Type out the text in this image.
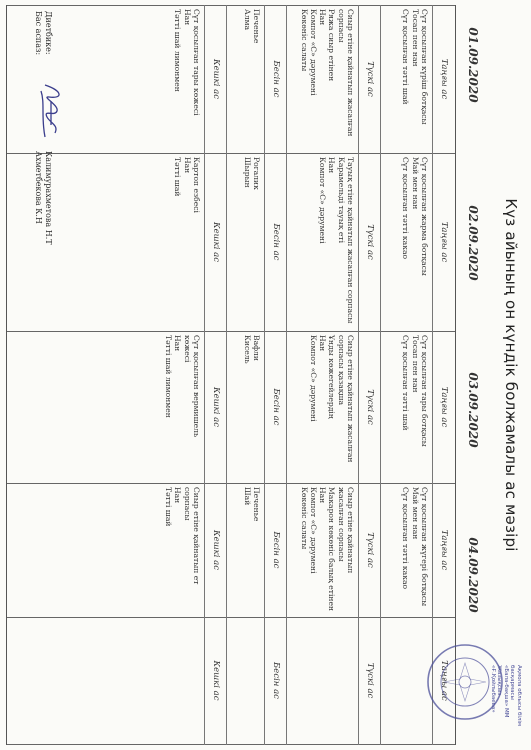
Күз айының он күндік болжамалы ас мәзірі
01.09.2020
02.09.2020
03.09.2020
04.09.2020
Таңғы ас
Сүт қосылған күріш ботқасы
Тосап пен нан
Сүт қосылған тәтті шай
Түскі ас
Сиыр етіне қайнатып жасалған
сорпасы
Ряжа сиыр етінен
Нан
Компот «С» дәрумені
Көкөніс салаты
Бесін ас
Печенье
Алма
Кешкі ас
Сүт қосылған тары көжесі
Нан
Тәтті шай лимонмен
Таңғы ас
Сүт қосылған жарма ботқасы
Май мен нан
Сүт қосылған тәтті какао
Түскі ас
Тауық етіне қайнатып жасалған сорпасы
Карамельді тауық еті
Нан
Компот «С» дәрумені
Бесін ас
Рогалик
Шырын
Кешкі ас
Картоп езбесі
Нан
Тәтті шай
Таңғы ас
Сүт қосылған тары ботқасы
Тосап пен нан
Сүт қосылған тәтті шай
Түскі ас
Сиыр етіне қайнатып жасалған
сорпасы қазақша
Ұнды көжегейлердің
Нан
Компот «С» дәрумені
Бесін ас
Вафли
Кисель
Кешкі ас
Сүт қосылған вермишель
көжесі
Нан
Тәтті шай лимонмен
Таңғы ас
Сүт қосылған жүгері ботқасы
Май мен нан
Сүт қосылған тәтті какао
Түскі ас
Сиыр етіне қайнатып
жасалған сорпасы
Макарон көкөніс балық етінен
Нан
Компот «С» дәрумені
Көкөніс салаты
Бесін ас
Печенье
Шай
Кешкі ас
Сиыр етіне қайнатып ет
сорпасы
Нан
Тәтті шай
Таңғы ас
Түскі ас
Бесін ас
Кешкі ас
Диетбике:
Бас аспаз:
Калимурахметова Н.Т
Ахметбекова К.Н
Ақмола облысы білім басқармасы
«Бала-бақша» ММ
Жазықсыз
«Ғ.Қойлыбаева»
